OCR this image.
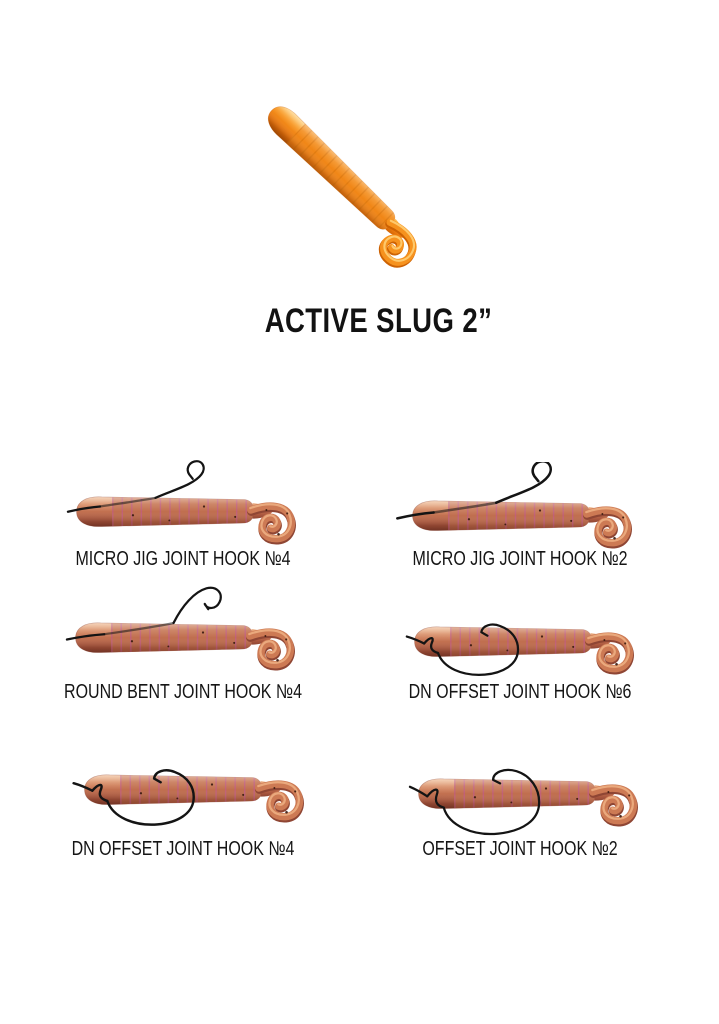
ACTIVE SLUG 2”
MICRO JIG JOINT HOOK №4	MICRO JIG JOINT HOOK №2
ROUND BENT JOINT HOOK №4	DN OFFSET JOINT HOOK №6
DN OFFSET JOINT HOOK №4	OFFSET JOINT HOOK №2
